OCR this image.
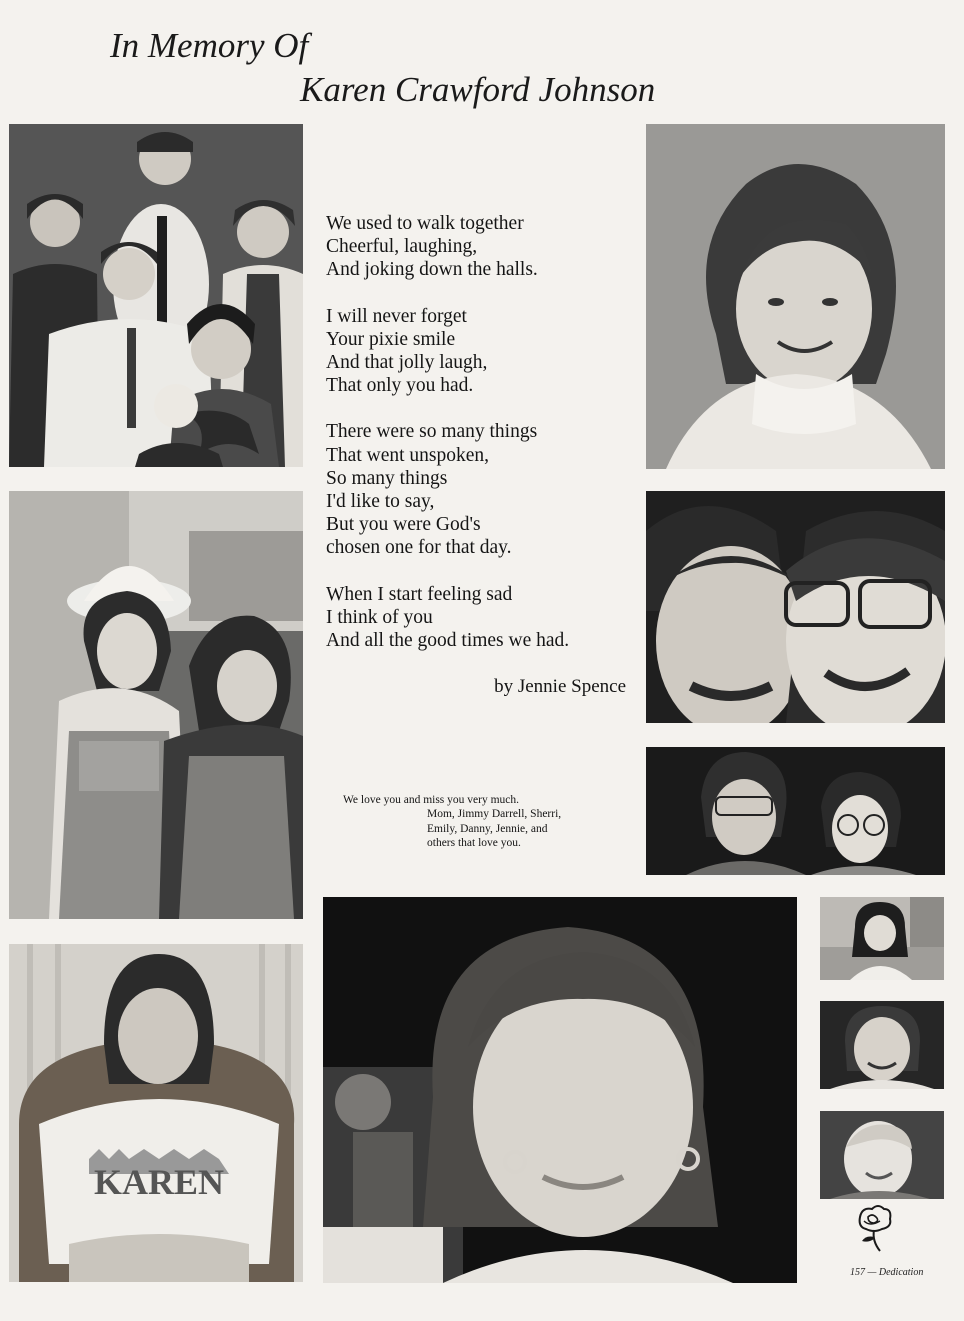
In Memory Of
Karen Crawford Johnson
KAREN

We used to walk together

Cheerful, laughing,

And joking down the halls.

I will never forget

Your pixie smile

And that jolly laugh,

That only you had.

There were so many things

That went unspoken,

So many things

I'd like to say,

But you were God's

chosen one for that day.

When I start feeling sad

I think of you

And all the good times we had.

by Jennie Spence

We love you and miss you very much.

Mom, Jimmy Darrell, Sherri,

Emily, Danny, Jennie, and

others that love you.

157 — Dedication
